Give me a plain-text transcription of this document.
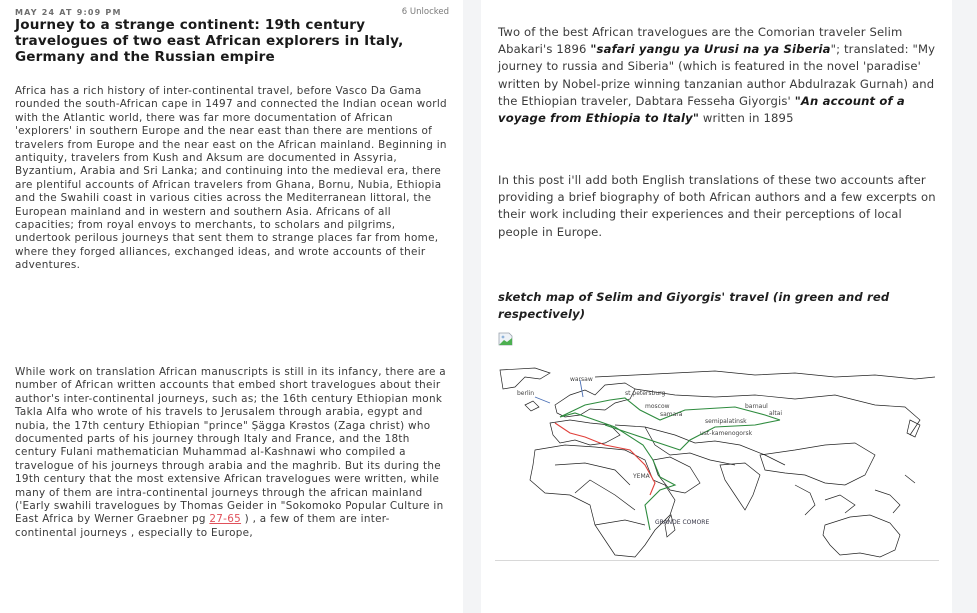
MAY 24 AT 9:09 PM	6 Unlocked
Journey to a strange continent: 19th century travelogues of two east African explorers in Italy, Germany and the Russian empire

Africa has a rich history of inter-continental travel, before Vasco Da Gama rounded the south-African cape in 1497 and connected the Indian ocean world with the Atlantic world, there was far more documentation of African 'explorers' in southern Europe and the near east than there are mentions of travelers from Europe and the near east on the African mainland. Beginning in antiquity, travelers from Kush and Aksum are documented in Assyria, Byzantium, Arabia and Sri Lanka; and continuing into the medieval era, there are plentiful accounts of African travelers from Ghana, Bornu, Nubia, Ethiopia and the Swahili coast in various cities across the Mediterranean littoral, the European mainland and in western and southern Asia. Africans of all capacities; from royal envoys to merchants, to scholars and pilgrims, undertook perilous journeys that sent them to strange places far from home, where they forged alliances, exchanged ideas, and wrote accounts of their adventures.

While work on translation African manuscripts is still in its infancy, there are a number of African written accounts that embed short travelogues about their author's inter-continental journeys, such as; the 16th century Ethiopian monk Takla Alfa who wrote of his travels to Jerusalem through arabia, egypt and nubia, the 17th century Ethiopian "prince" Ṣägga Krǝstos (Zaga christ) who documented parts of his journey through Italy and France, and the 18th century Fulani mathematician Muhammad al-Kashnawi who compiled a travelogue of his journeys through arabia and the maghrib. But its during the 19th century that the most extensive African travelogues were written, while many of them are intra-continental journeys through the african mainland ('Early swahili travelogues by Thomas Geider in "Sokomoko Popular Culture in East Africa by Werner Graebner pg 27-65 ) , a few of them are inter-continental journeys , especially to Europe,

Two of the best African travelogues are the Comorian traveler Selim Abakari's 1896 "safari yangu ya Urusi na ya Siberia"; translated: "My journey to russia and Siberia" (which is featured in the novel 'paradise' written by Nobel-prize winning tanzanian author Abdulrazak Gurnah) and the Ethiopian traveler, Dabtara Fesseha Giyorgis' "An account of a voyage from Ethiopia to Italy" written in 1895

In this post i'll add both English translations of these two accounts after providing a brief biography of both African authors and a few excerpts on their work including their experiences and their perceptions of local people in Europe.

sketch map of Selim and Giyorgis' travel (in green and red respectively)

berlin
warsaw
st petersburg
moscow
samara
barnaul
altai
semipalatinsk
ust-kamenogorsk
YEMA
GRANDE COMORE
